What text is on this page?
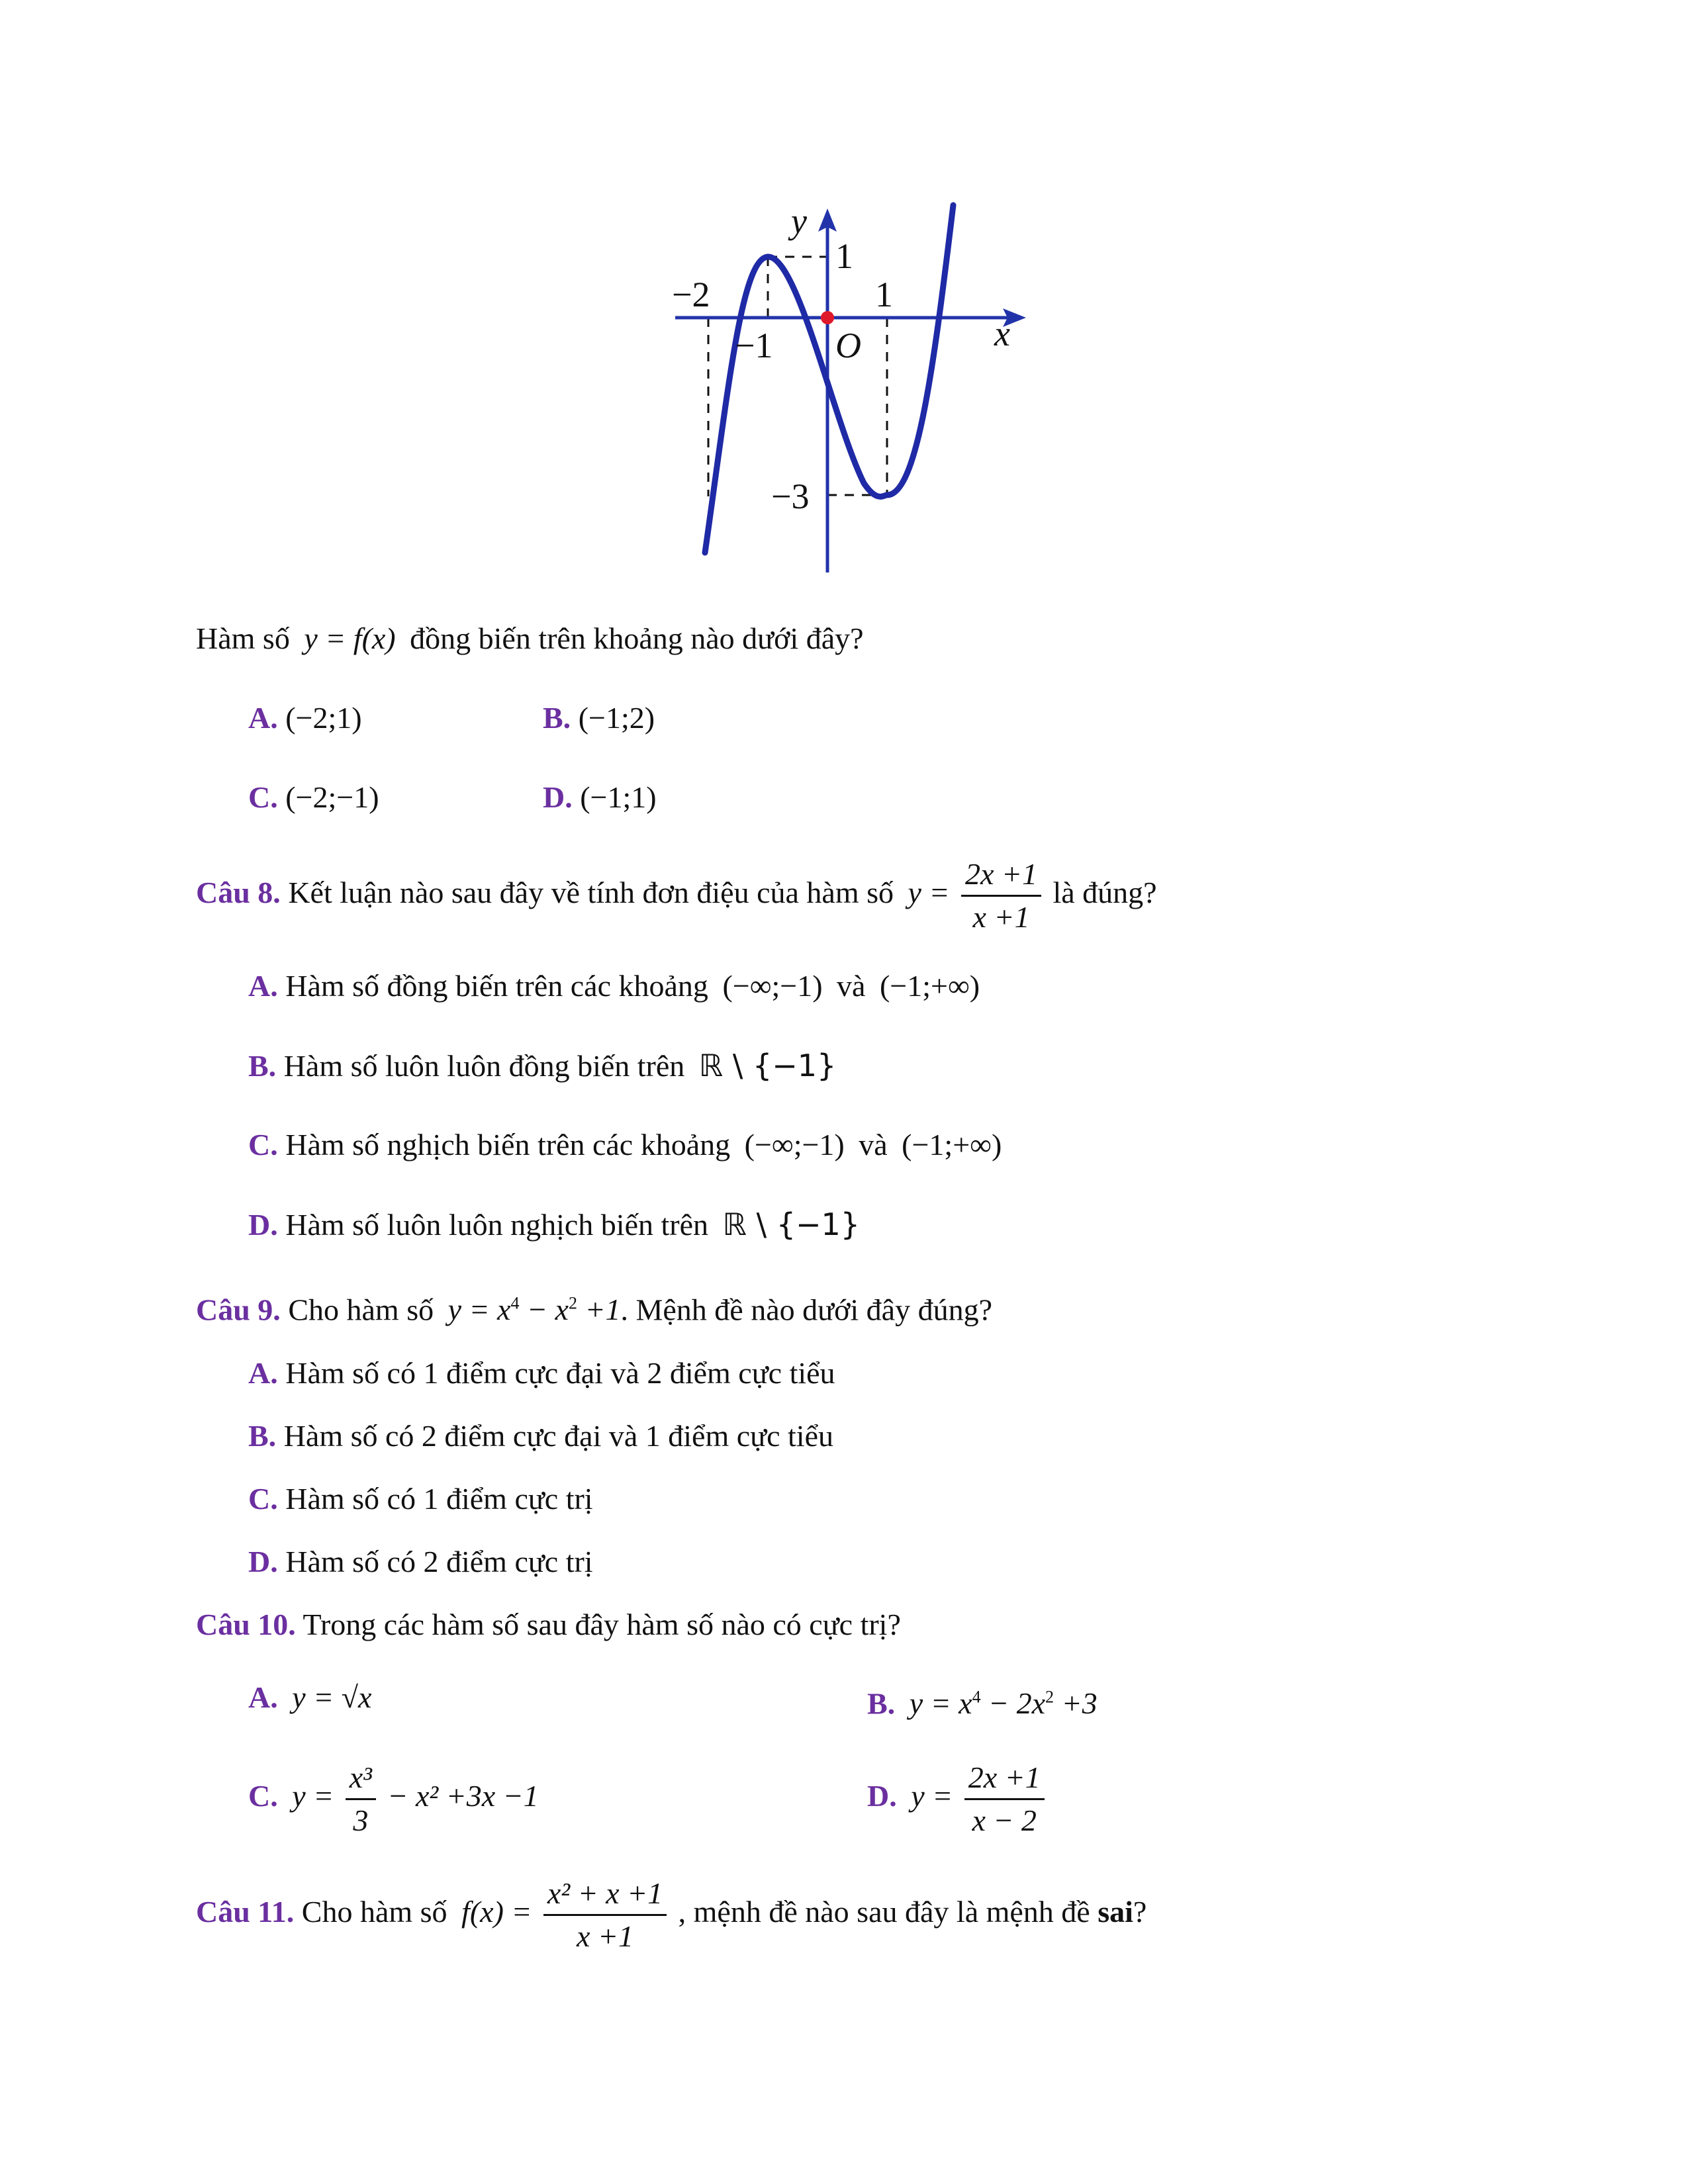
y
x
O
1
−2	1
−1
−3
Hàm số y = f(x) đồng biến trên khoảng nào dưới đây?
A. (−2;1)	B. (−1;2)
C. (−2;−1)	D. (−1;1)
Câu 8. Kết luận nào sau đây về tính đơn điệu của hàm số $y = \frac{2x +1}{x +1}$ là đúng?
A. Hàm số đồng biến trên các khoảng (−∞;−1) và (−1;+∞)
B. Hàm số luôn luôn đồng biến trên ℝ \ {−1}
C. Hàm số nghịch biến trên các khoảng (−∞;−1) và (−1;+∞)
D. Hàm số luôn luôn nghịch biến trên ℝ \ {−1}
Câu 9. Cho hàm số $y = x^4 - x^2 +1$. Mệnh đề nào dưới đây đúng?
A. Hàm số có 1 điểm cực đại và 2 điểm cực tiểu
B. Hàm số có 2 điểm cực đại và 1 điểm cực tiểu
C. Hàm số có 1 điểm cực trị
D. Hàm số có 2 điểm cực trị
Câu 10. Trong các hàm số sau đây hàm số nào có cực trị?
A. y = √x	B. $y = x^4 - 2x^2 +3$
C. $y = \frac{\text{x³}}{3} - x^2 +3x -1$	D. $y = \frac{2x +1}{x - 2}$
Câu 11. Cho hàm số $f(x) = \frac{\text{x² + x +1}}{x +1}$ , mệnh đề nào sau đây là mệnh đề sai?
